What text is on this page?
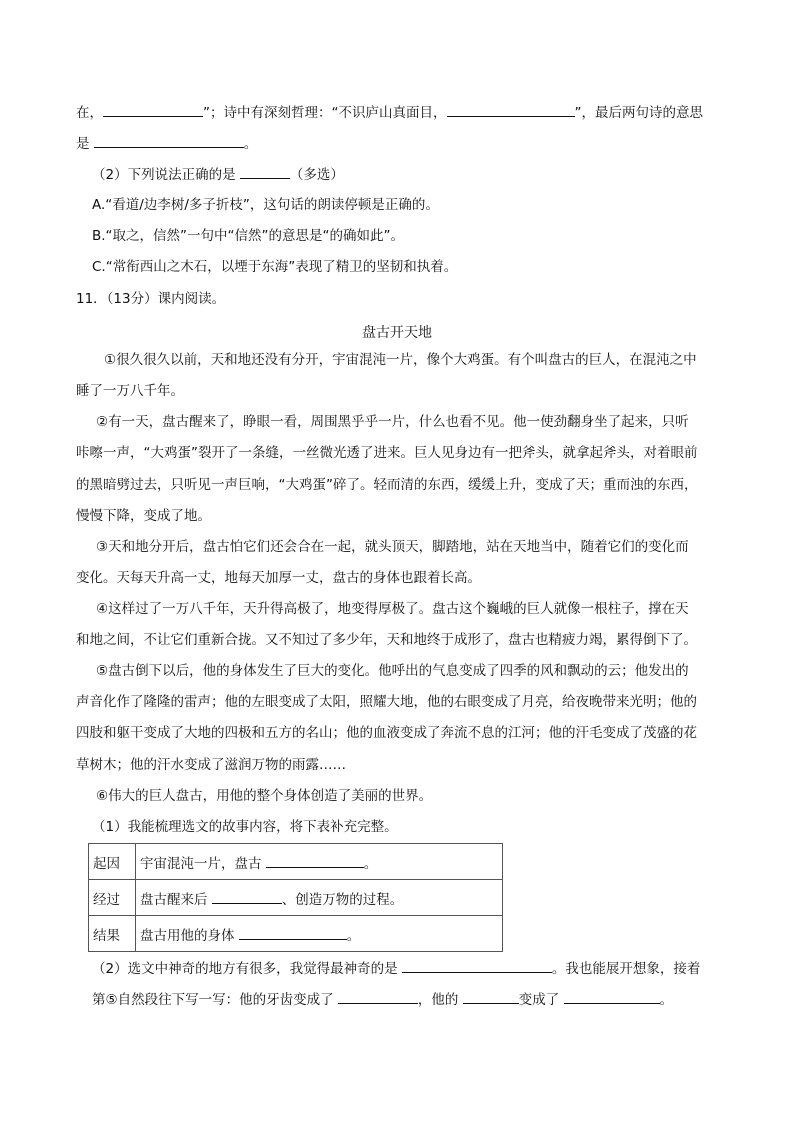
在，	”；诗中有深刻哲理：“不识庐山真面目，	”，最后两句诗的意思
是	。
（2）下列说法正确的是	（多选）
A.“看道/边李树/多子折枝”，这句话的朗读停顿是正确的。
B.“取之，信然”一句中“信然”的意思是“的确如此”。
C.“常衔西山之木石，以堙于东海”表现了精卫的坚韧和执着。
11．（13分）课内阅读。
盘古开天地
①很久很久以前，天和地还没有分开，宇宙混沌一片，像个大鸡蛋。有个叫盘古的巨人，在混沌之中
睡了一万八千年。
②有一天，盘古醒来了，睁眼一看，周围黑乎乎一片，什么也看不见。他一使劲翻身坐了起来，只听
咔嚓一声，“大鸡蛋”裂开了一条缝，一丝微光透了进来。巨人见身边有一把斧头，就拿起斧头，对着眼前
的黑暗劈过去，只听见一声巨响，“大鸡蛋”碎了。轻而清的东西，缓缓上升，变成了天；重而浊的东西，
慢慢下降，变成了地。
③天和地分开后，盘古怕它们还会合在一起，就头顶天，脚踏地，站在天地当中，随着它们的变化而
变化。天每天升高一丈，地每天加厚一丈，盘古的身体也跟着长高。
④这样过了一万八千年，天升得高极了，地变得厚极了。盘古这个巍峨的巨人就像一根柱子，撑在天
和地之间，不让它们重新合拢。又不知过了多少年，天和地终于成形了，盘古也精疲力竭，累得倒下了。
⑤盘古倒下以后，他的身体发生了巨大的变化。他呼出的气息变成了四季的风和飘动的云；他发出的
声音化作了隆隆的雷声；他的左眼变成了太阳，照耀大地，他的右眼变成了月亮，给夜晚带来光明；他的
四肢和躯干变成了大地的四极和五方的名山；他的血液变成了奔流不息的江河；他的汗毛变成了茂盛的花
草树木；他的汗水变成了滋润万物的雨露……
⑥伟大的巨人盘古，用他的整个身体创造了美丽的世界。
（1）我能梳理选文的故事内容，将下表补充完整。
起因	宇宙混沌一片，盘古 。
经过	盘古醒来后 、创造万物的过程。
结果	盘古用他的身体 。
（2）选文中神奇的地方有很多，我觉得最神奇的是	。我也能展开想象，接着
第⑤自然段往下写一写：他的牙齿变成了	，他的	变成了	。
